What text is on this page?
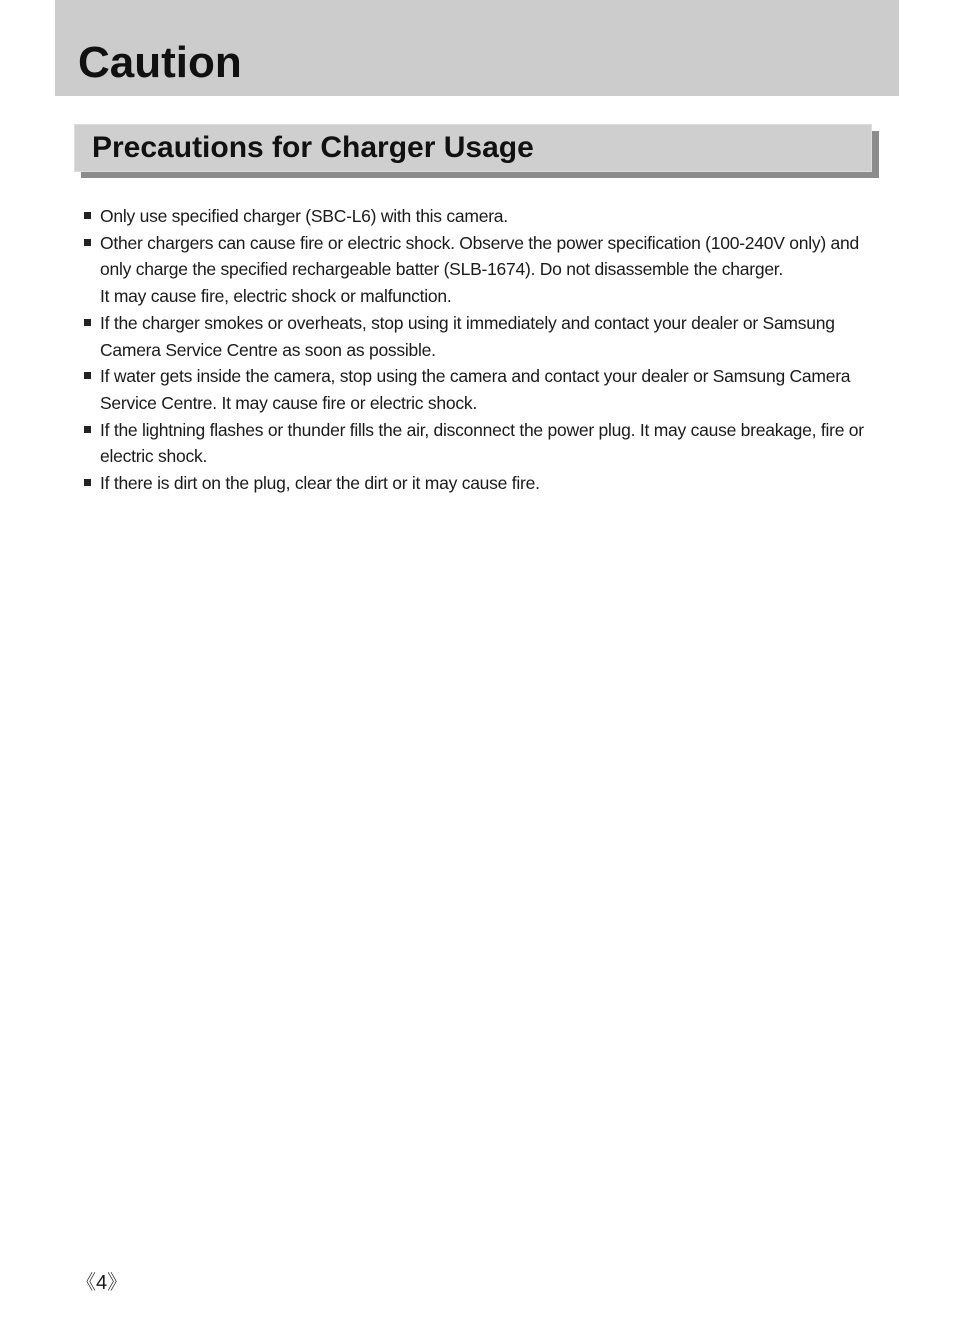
Caution
Precautions for Charger Usage
Only use specified charger (SBC-L6) with this camera.
Other chargers can cause fire or electric shock. Observe the power specification (100-240V only) and only charge the specified rechargeable batter (SLB-1674). Do not disassemble the charger.
It may cause fire, electric shock or malfunction.
If the charger smokes or overheats, stop using it immediately and contact your dealer or Samsung Camera Service Centre as soon as possible.
If water gets inside the camera, stop using the camera and contact your dealer or Samsung Camera Service Centre. It may cause fire or electric shock.
If the lightning flashes or thunder fills the air, disconnect the power plug. It may cause breakage, fire or electric shock.
If there is dirt on the plug, clear the dirt or it may cause fire.
《4》
